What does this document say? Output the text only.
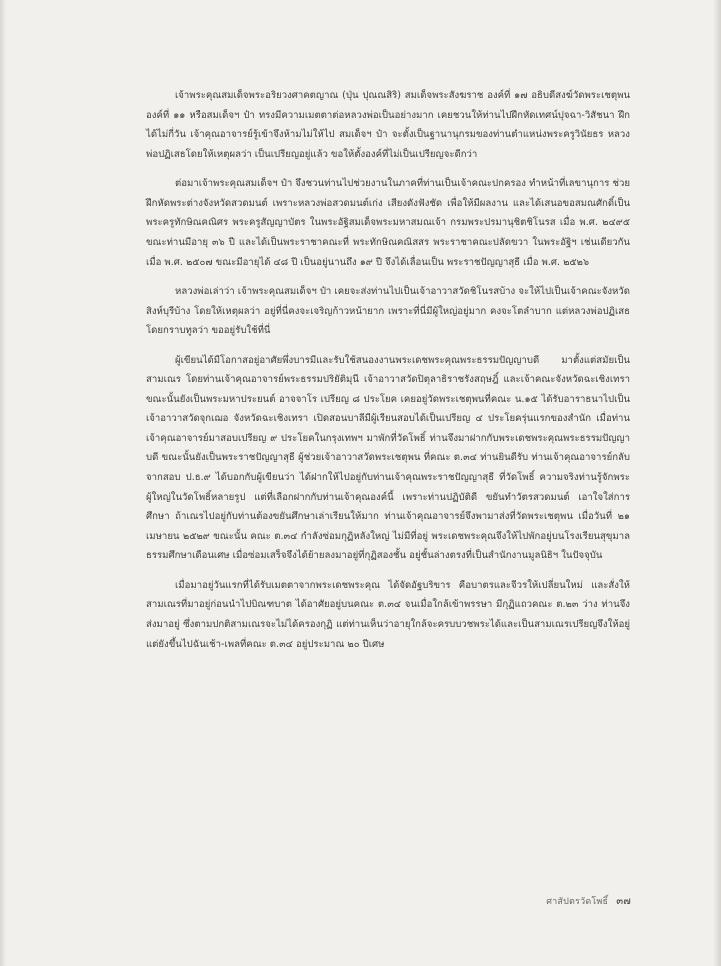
เจ้าพระคุณสมเด็จพระอริยวงศาคตญาณ (ปุ่น ปุณณสิริ) สมเด็จพระสังฆราช องค์ที่ ๑๗ อธิบดีสงฆ์วัดพระเชตุพน องค์ที่ ๑๑ หรือสมเด็จฯ ป๋า ทรงมีความเมตตาต่อหลวงพ่อเป็นอย่างมาก เคยชวนให้ท่านไปฝึกหัดเทศน์ปุจฉา-วิสัชนา ฝึกได้ไม่กี่วัน เจ้าคุณอาจารย์รู้เข้าจึงห้ามไม่ให้ไป สมเด็จฯ ป๋า จะตั้งเป็นฐานานุกรมของท่านตำแหน่งพระครูวินัยธร หลวงพ่อปฏิเสธโดยให้เหตุผลว่า เป็นเปรียญอยู่แล้ว ขอให้ตั้งองค์ที่ไม่เป็นเปรียญจะดีกว่า

ต่อมาเจ้าพระคุณสมเด็จฯ ป๋า จึงชวนท่านไปช่วยงานในภาคที่ท่านเป็นเจ้าคณะปกครอง ทำหน้าที่เลขานุการ ช่วยฝึกหัดพระต่างจังหวัดสวดมนต์ เพราะหลวงพ่อสวดมนต์เก่ง เสียงดังฟังชัด เพื่อให้มีผลงาน และได้เสนอขอสมณศักดิ์เป็นพระครูทักษิณคณิศร พระครูสัญญาบัตร ในพระอัฐิสมเด็จพระมหาสมณเจ้า กรมพระปรมานุชิตชิโนรส เมื่อ พ.ศ. ๒๔๙๕ ขณะท่านมีอายุ ๓๖ ปี และได้เป็นพระราชาคณะที่ พระทักษิณคณิสสร พระราชาคณะปลัดขวา ในพระอัฐิฯ เช่นเดียวกัน เมื่อ พ.ศ. ๒๕๐๗ ขณะมีอายุได้ ๔๘ ปี เป็นอยู่นานถึง ๑๙ ปี จึงได้เลื่อนเป็น พระราชปัญญาสุธี เมื่อ พ.ศ. ๒๕๒๖

หลวงพ่อเล่าว่า เจ้าพระคุณสมเด็จฯ ป๋า เคยจะส่งท่านไปเป็นเจ้าอาวาสวัดชิโนรสบ้าง จะให้ไปเป็นเจ้าคณะจังหวัดสิงห์บุรีบ้าง โดยให้เหตุผลว่า อยู่ที่นี่คงจะเจริญก้าวหน้ายาก เพราะที่นี่มีผู้ใหญ่อยู่มาก คงจะโตลำบาก แต่หลวงพ่อปฏิเสธ โดยกราบทูลว่า ขออยู่รับใช้ที่นี่

ผู้เขียนได้มีโอกาสอยู่อาศัยพึ่งบารมีและรับใช้สนองงานพระเดชพระคุณพระธรรมปัญญาบดี มาตั้งแต่สมัยเป็นสามเณร โดยท่านเจ้าคุณอาจารย์พระธรรมปริยัติมุนี เจ้าอาวาสวัดปิตุลาธิราชรังสฤษฎิ์ และเจ้าคณะจังหวัดฉะเชิงเทรา ขณะนั้นยังเป็นพระมหาประยนต์ อาจจาโร เปรียญ ๘ ประโยค เคยอยู่วัดพระเชตุพนที่คณะ น.๑๕ ได้รับอาราธนาไปเป็นเจ้าอาวาสวัดจุกเฌอ จังหวัดฉะเชิงเทรา เปิดสอนบาลีมีผู้เรียนสอบได้เป็นเปรียญ ๔ ประโยครุ่นแรกของสำนัก เมื่อท่านเจ้าคุณอาจารย์มาสอบเปรียญ ๙ ประโยคในกรุงเทพฯ มาพักที่วัดโพธิ์ ท่านจึงมาฝากกับพระเดชพระคุณพระธรรมปัญญาบดี ขณะนั้นยังเป็นพระราชปัญญาสุธี ผู้ช่วยเจ้าอาวาสวัดพระเชตุพน ที่คณะ ต.๓๔ ท่านยินดีรับ ท่านเจ้าคุณอาจารย์กลับจากสอบ ป.ธ.๙ ได้บอกกับผู้เขียนว่า ได้ฝากให้ไปอยู่กับท่านเจ้าคุณพระราชปัญญาสุธี ที่วัดโพธิ์ ความจริงท่านรู้จักพระผู้ใหญ่ในวัดโพธิ์หลายรูป แต่ที่เลือกฝากกับท่านเจ้าคุณองค์นี้ เพราะท่านปฏิบัติดี ขยันทำวัตรสวดมนต์ เอาใจใส่การศึกษา ถ้าเณรไปอยู่กับท่านต้องขยันศึกษาเล่าเรียนให้มาก ท่านเจ้าคุณอาจารย์จึงพามาส่งที่วัดพระเชตุพน เมื่อวันที่ ๒๑ เมษายน ๒๕๒๙ ขณะนั้น คณะ ต.๓๔ กำลังซ่อมกุฏิหลังใหญ่ ไม่มีที่อยู่ พระเดชพระคุณจึงให้ไปพักอยู่บนโรงเรียนสุขุมาลธรรมศึกษาเดือนเศษ เมื่อซ่อมเสร็จจึงได้ย้ายลงมาอยู่ที่กุฏิสองชั้น อยู่ชั้นล่างตรงที่เป็นสำนักงานมูลนิธิฯ ในปัจจุบัน

เมื่อมาอยู่วันแรกที่ได้รับเมตตาจากพระเดชพระคุณ ได้จัดอัฐบริขาร คือบาตรและจีวรให้เปลี่ยนใหม่ และสั่งให้สามเณรที่มาอยู่ก่อนนำไปบิณฑบาต ได้อาศัยอยู่บนคณะ ต.๓๔ จนเมื่อใกล้เข้าพรรษา มีกุฏิแถวคณะ ต.๒๓ ว่าง ท่านจึงส่งมาอยู่ ซึ่งตามปกติสามเณรจะไม่ได้ครองกุฏิ แต่ท่านเห็นว่าอายุใกล้จะครบบวชพระได้และเป็นสามเณรเปรียญจึงให้อยู่ แต่ยังขึ้นไปฉันเช้า-เพลที่คณะ ต.๓๔ อยู่ประมาณ ๒๐ ปีเศษ

ศาสัปตรวัดโพธิ์ ๓๗
